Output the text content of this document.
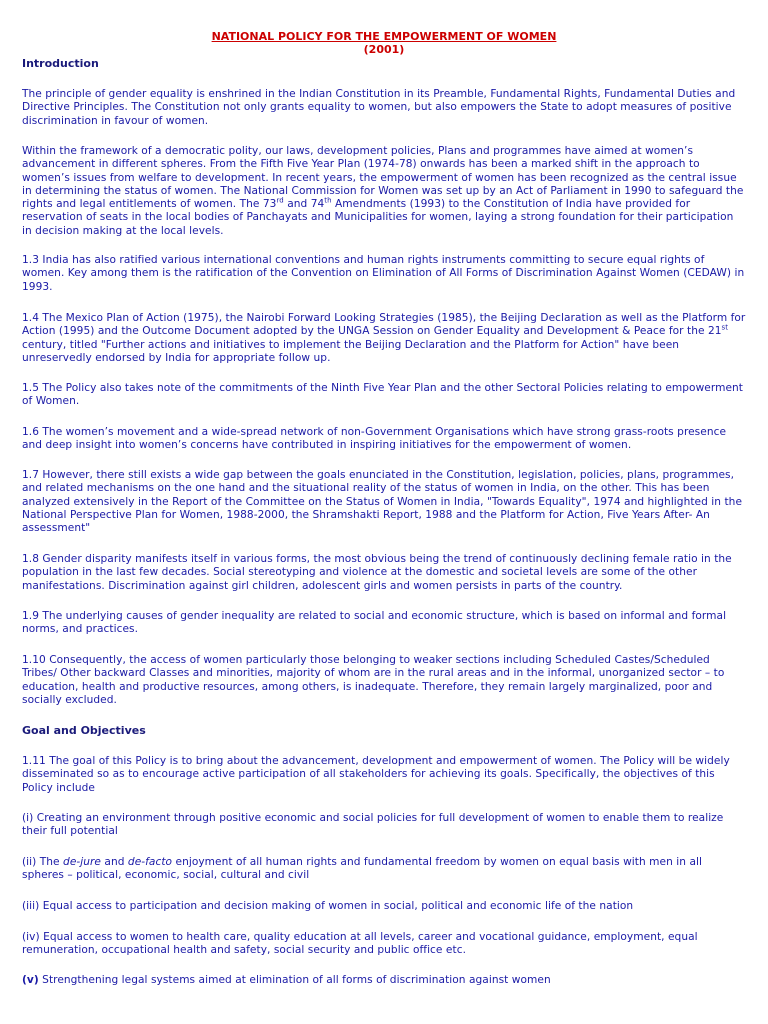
NATIONAL POLICY FOR THE EMPOWERMENT OF WOMEN
(2001)

Introduction

The principle of gender equality is enshrined in the Indian Constitution in its Preamble, Fundamental Rights, Fundamental Duties and Directive Principles. The Constitution not only grants equality to women, but also empowers the State to adopt measures of positive discrimination in favour of women.

Within the framework of a democratic polity, our laws, development policies, Plans and programmes have aimed at women’s advancement in different spheres. From the Fifth Five Year Plan (1974-78) onwards has been a marked shift in the approach to women’s issues from welfare to development. In recent years, the empowerment of women has been recognized as the central issue in determining the status of women. The National Commission for Women was set up by an Act of Parliament in 1990 to safeguard the rights and legal entitlements of women. The 73rd and 74th Amendments (1993) to the Constitution of India have provided for reservation of seats in the local bodies of Panchayats and Municipalities for women, laying a strong foundation for their participation in decision making at the local levels.

1.3 India has also ratified various international conventions and human rights instruments committing to secure equal rights of women. Key among them is the ratification of the Convention on Elimination of All Forms of Discrimination Against Women (CEDAW) in 1993.

1.4 The Mexico Plan of Action (1975), the Nairobi Forward Looking Strategies (1985), the Beijing Declaration as well as the Platform for Action (1995) and the Outcome Document adopted by the UNGA Session on Gender Equality and Development & Peace for the 21st century, titled "Further actions and initiatives to implement the Beijing Declaration and the Platform for Action" have been unreservedly endorsed by India for appropriate follow up.

1.5 The Policy also takes note of the commitments of the Ninth Five Year Plan and the other Sectoral Policies relating to empowerment of Women.

1.6 The women’s movement and a wide-spread network of non-Government Organisations which have strong grass-roots presence and deep insight into women’s concerns have contributed in inspiring initiatives for the empowerment of women.

1.7 However, there still exists a wide gap between the goals enunciated in the Constitution, legislation, policies, plans, programmes, and related mechanisms on the one hand and the situational reality of the status of women in India, on the other. This has been analyzed extensively in the Report of the Committee on the Status of Women in India, "Towards Equality", 1974 and highlighted in the National Perspective Plan for Women, 1988-2000, the Shramshakti Report, 1988 and the Platform for Action, Five Years After- An assessment"

1.8 Gender disparity manifests itself in various forms, the most obvious being the trend of continuously declining female ratio in the population in the last few decades. Social stereotyping and violence at the domestic and societal levels are some of the other manifestations. Discrimination against girl children, adolescent girls and women persists in parts of the country.

1.9 The underlying causes of gender inequality are related to social and economic structure, which is based on informal and formal norms, and practices.

1.10 Consequently, the access of women particularly those belonging to weaker sections including Scheduled Castes/Scheduled Tribes/ Other backward Classes and minorities, majority of whom are in the rural areas and in the informal, unorganized sector – to education, health and productive resources, among others, is inadequate. Therefore, they remain largely marginalized, poor and socially excluded.

Goal and Objectives

1.11 The goal of this Policy is to bring about the advancement, development and empowerment of women. The Policy will be widely disseminated so as to encourage active participation of all stakeholders for achieving its goals. Specifically, the objectives of this Policy include

(i) Creating an environment through positive economic and social policies for full development of women to enable them to realize their full potential

(ii) The de-jure and de-facto enjoyment of all human rights and fundamental freedom by women on equal basis with men in all spheres – political, economic, social, cultural and civil

(iii) Equal access to participation and decision making of women in social, political and economic life of the nation

(iv) Equal access to women to health care, quality education at all levels, career and vocational guidance, employment, equal remuneration, occupational health and safety, social security and public office etc.

(v) Strengthening legal systems aimed at elimination of all forms of discrimination against women
